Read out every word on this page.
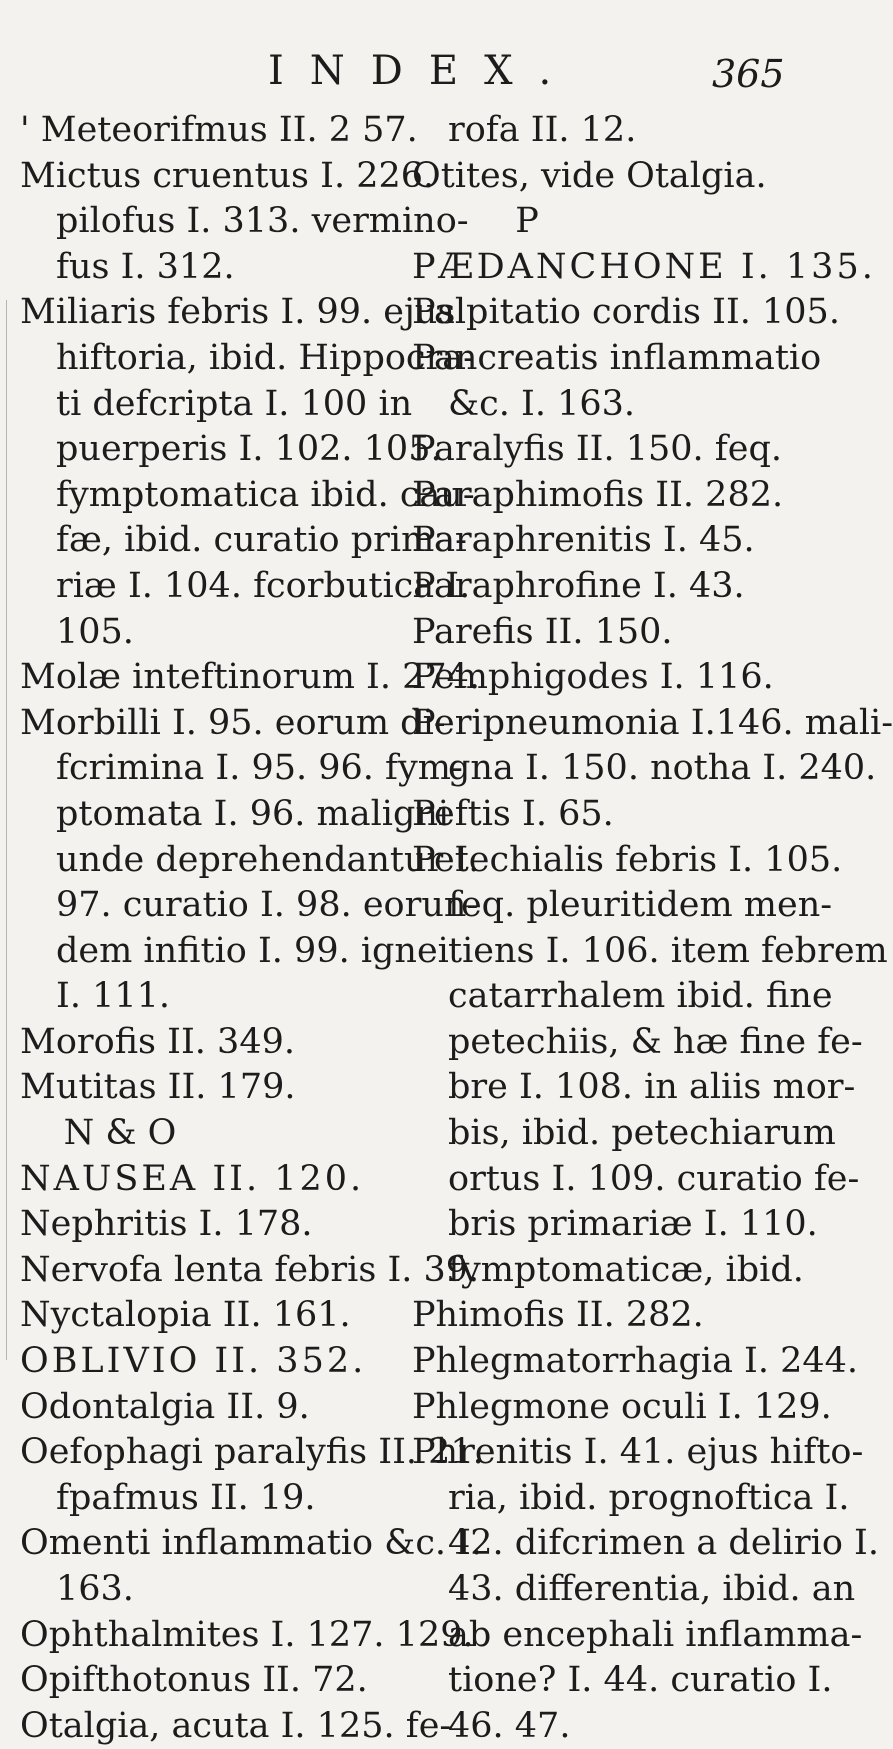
INDEX.	365
' Meteorifmus II. 2 57.
Mictus cruentus I. 226.
pilofus I. 313. vermino-
fus I. 312.
Miliaris febris I. 99. ejus
hiftoria, ibid. Hippocra-
ti defcripta I. 100 in
puerperis I. 102. 105.
fymptomatica ibid. cau-
fæ, ibid. curatio prima-
riæ I. 104. fcorbutica I.
105.
Molæ inteftinorum I. 274.
Morbilli I. 95. eorum di-
fcrimina I. 95. 96. fym-
ptomata I. 96. maligni
unde deprehendantur I.
97. curatio I. 98. eorun-
dem infitio I. 99. ignei
I. 111.
Morofis II. 349.
Mutitas II. 179.
N & O
NAUSEA II. 120.
Nephritis I. 178.
Nervofa lenta febris I. 39.
Nyctalopia II. 161.
OBLIVIO II. 352.
Odontalgia II. 9.
Oefophagi paralyfis II. 21.
fpafmus II. 19.
Omenti inflammatio &c. I.
163.
Ophthalmites I. 127. 129.
Opifthotonus II. 72.
Otalgia, acuta I. 125. fe-
rofa II. 12.
Otites, vide Otalgia.
P
PÆDANCHONE I. 135.
Palpitatio cordis II. 105.
Pancreatis inflammatio
&c. I. 163.
Paralyfis II. 150. feq.
Paraphimofis II. 282.
Paraphrenitis I. 45.
Paraphrofine I. 43.
Parefis II. 150.
Pemphigodes I. 116.
Peripneumonia I.146. mali-
gna I. 150. notha I. 240.
Peftis I. 65.
Petechialis febris I. 105.
feq. pleuritidem men-
tiens I. 106. item febrem
catarrhalem ibid. fine
petechiis, & hæ fine fe-
bre I. 108. in aliis mor-
bis, ibid. petechiarum
ortus I. 109. curatio fe-
bris primariæ I. 110.
fymptomaticæ, ibid.
Phimofis II. 282.
Phlegmatorrhagia I. 244.
Phlegmone oculi I. 129.
Phrenitis I. 41. ejus hifto-
ria, ibid. prognoftica I.
42. difcrimen a delirio I.
43. differentia, ibid. an
ab encephali inflamma-
tione? I. 44. curatio I.
46. 47.
